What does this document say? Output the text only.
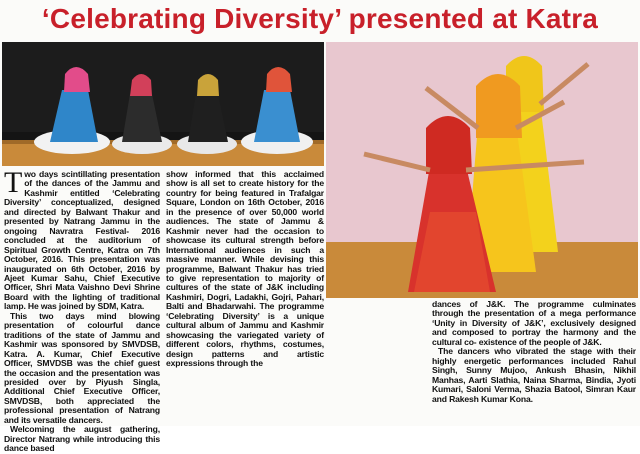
‘Celebrating Diversity’ presented at Katra

Two days scintillating presentation of the dances of the Jammu and Kashmir entitled ‘Celebrating Diversity’ conceptualized, designed and directed by Balwant Thakur and presented by Natrang Jammu in the ongoing Navratra Festival- 2016 concluded at the auditorium of Spiritual Growth Centre, Katra on 7th October, 2016. This presentation was inaugurated on 6th October, 2016 by Ajeet Kumar Sahu, Chief Executive Officer, Shri Mata Vaishno Devi Shrine Board with the lighting of traditional lamp. He was joined by SDM, Katra.

This two days mind blowing presentation of colourful dance traditions of the state of Jammu and Kashmir was sponsored by SMVDSB, Katra. A. Kumar, Chief Executive Officer, SMVDSB was the chief guest the occasion and the presentation was presided over by Piyush Singla, Additional Chief Executive Officer, SMVDSB, both appreciated the professional presentation of Natrang and its versatile dancers.

Welcoming the august gathering, Director Natrang while introducing this dance based

show informed that this acclaimed show is all set to create history for the country for being featured in Trafalgar Square, London on 16th October, 2016 in the presence of over 50,000 world audiences. The state of Jammu & Kashmir never had the occasion to showcase its cultural strength before International audiences in such a massive manner. While devising this programme, Balwant Thakur has tried to give representation to majority of cultures of the state of J&K including Kashmiri, Dogri, Ladakhi, Gojri, Pahari, Balti and Bhadarwahi. The programme ‘Celebrating Diversity’ is a unique cultural album of Jammu and Kashmir showcasing the variegated variety of different colors, rhythms, costumes, design patterns and artistic expressions through the

dances of J&K. The programme culminates through the presentation of a mega performance ‘Unity in Diversity of J&K’, exclusively designed and composed to portray the harmony and the cultural co- existence of the people of J&K.

The dancers who vibrated the stage with their highly energetic performances included Rahul Singh, Sunny Mujoo, Ankush Bhasin, Nikhil Manhas, Aarti Slathia, Naina Sharma, Bindia, Jyoti Kumari, Saloni Verma, Shazia Batool, Simran Kaur and Rakesh Kumar Kona.
